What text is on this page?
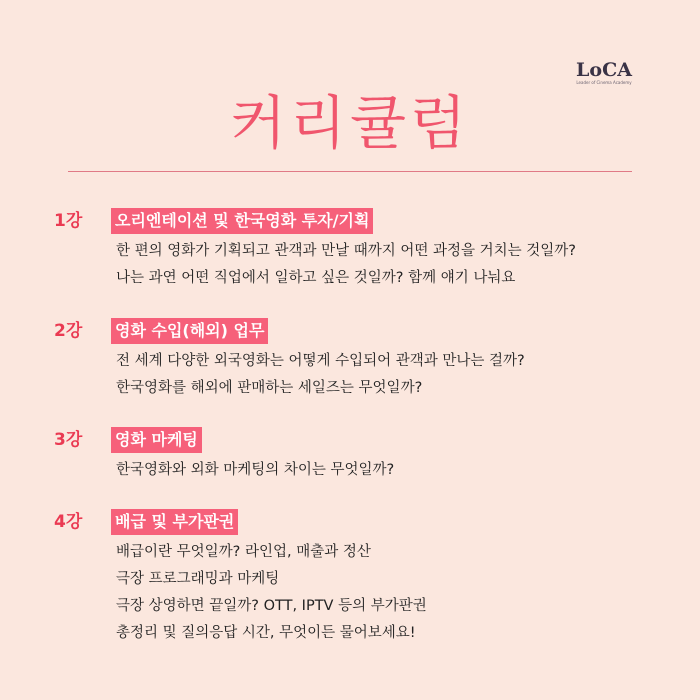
LoCA
Leader of Cinema Academy
커리큘럼
1강 오리엔테이션 및 한국영화 투자/기획
한 편의 영화가 기획되고 관객과 만날 때까지 어떤 과정을 거치는 것일까?
나는 과연 어떤 직업에서 일하고 싶은 것일까? 함께 얘기 나눠요
2강 영화 수입(해외) 업무
전 세계 다양한 외국영화는 어떻게 수입되어 관객과 만나는 걸까?
한국영화를 해외에 판매하는 세일즈는 무엇일까?
3강 영화 마케팅
한국영화와 외화 마케팅의 차이는 무엇일까?
4강 배급 및 부가판권
배급이란 무엇일까? 라인업, 매출과 정산
극장 프로그래밍과 마케팅
극장 상영하면 끝일까? OTT, IPTV 등의 부가판권
총정리 및 질의응답 시간, 무엇이든 물어보세요!
